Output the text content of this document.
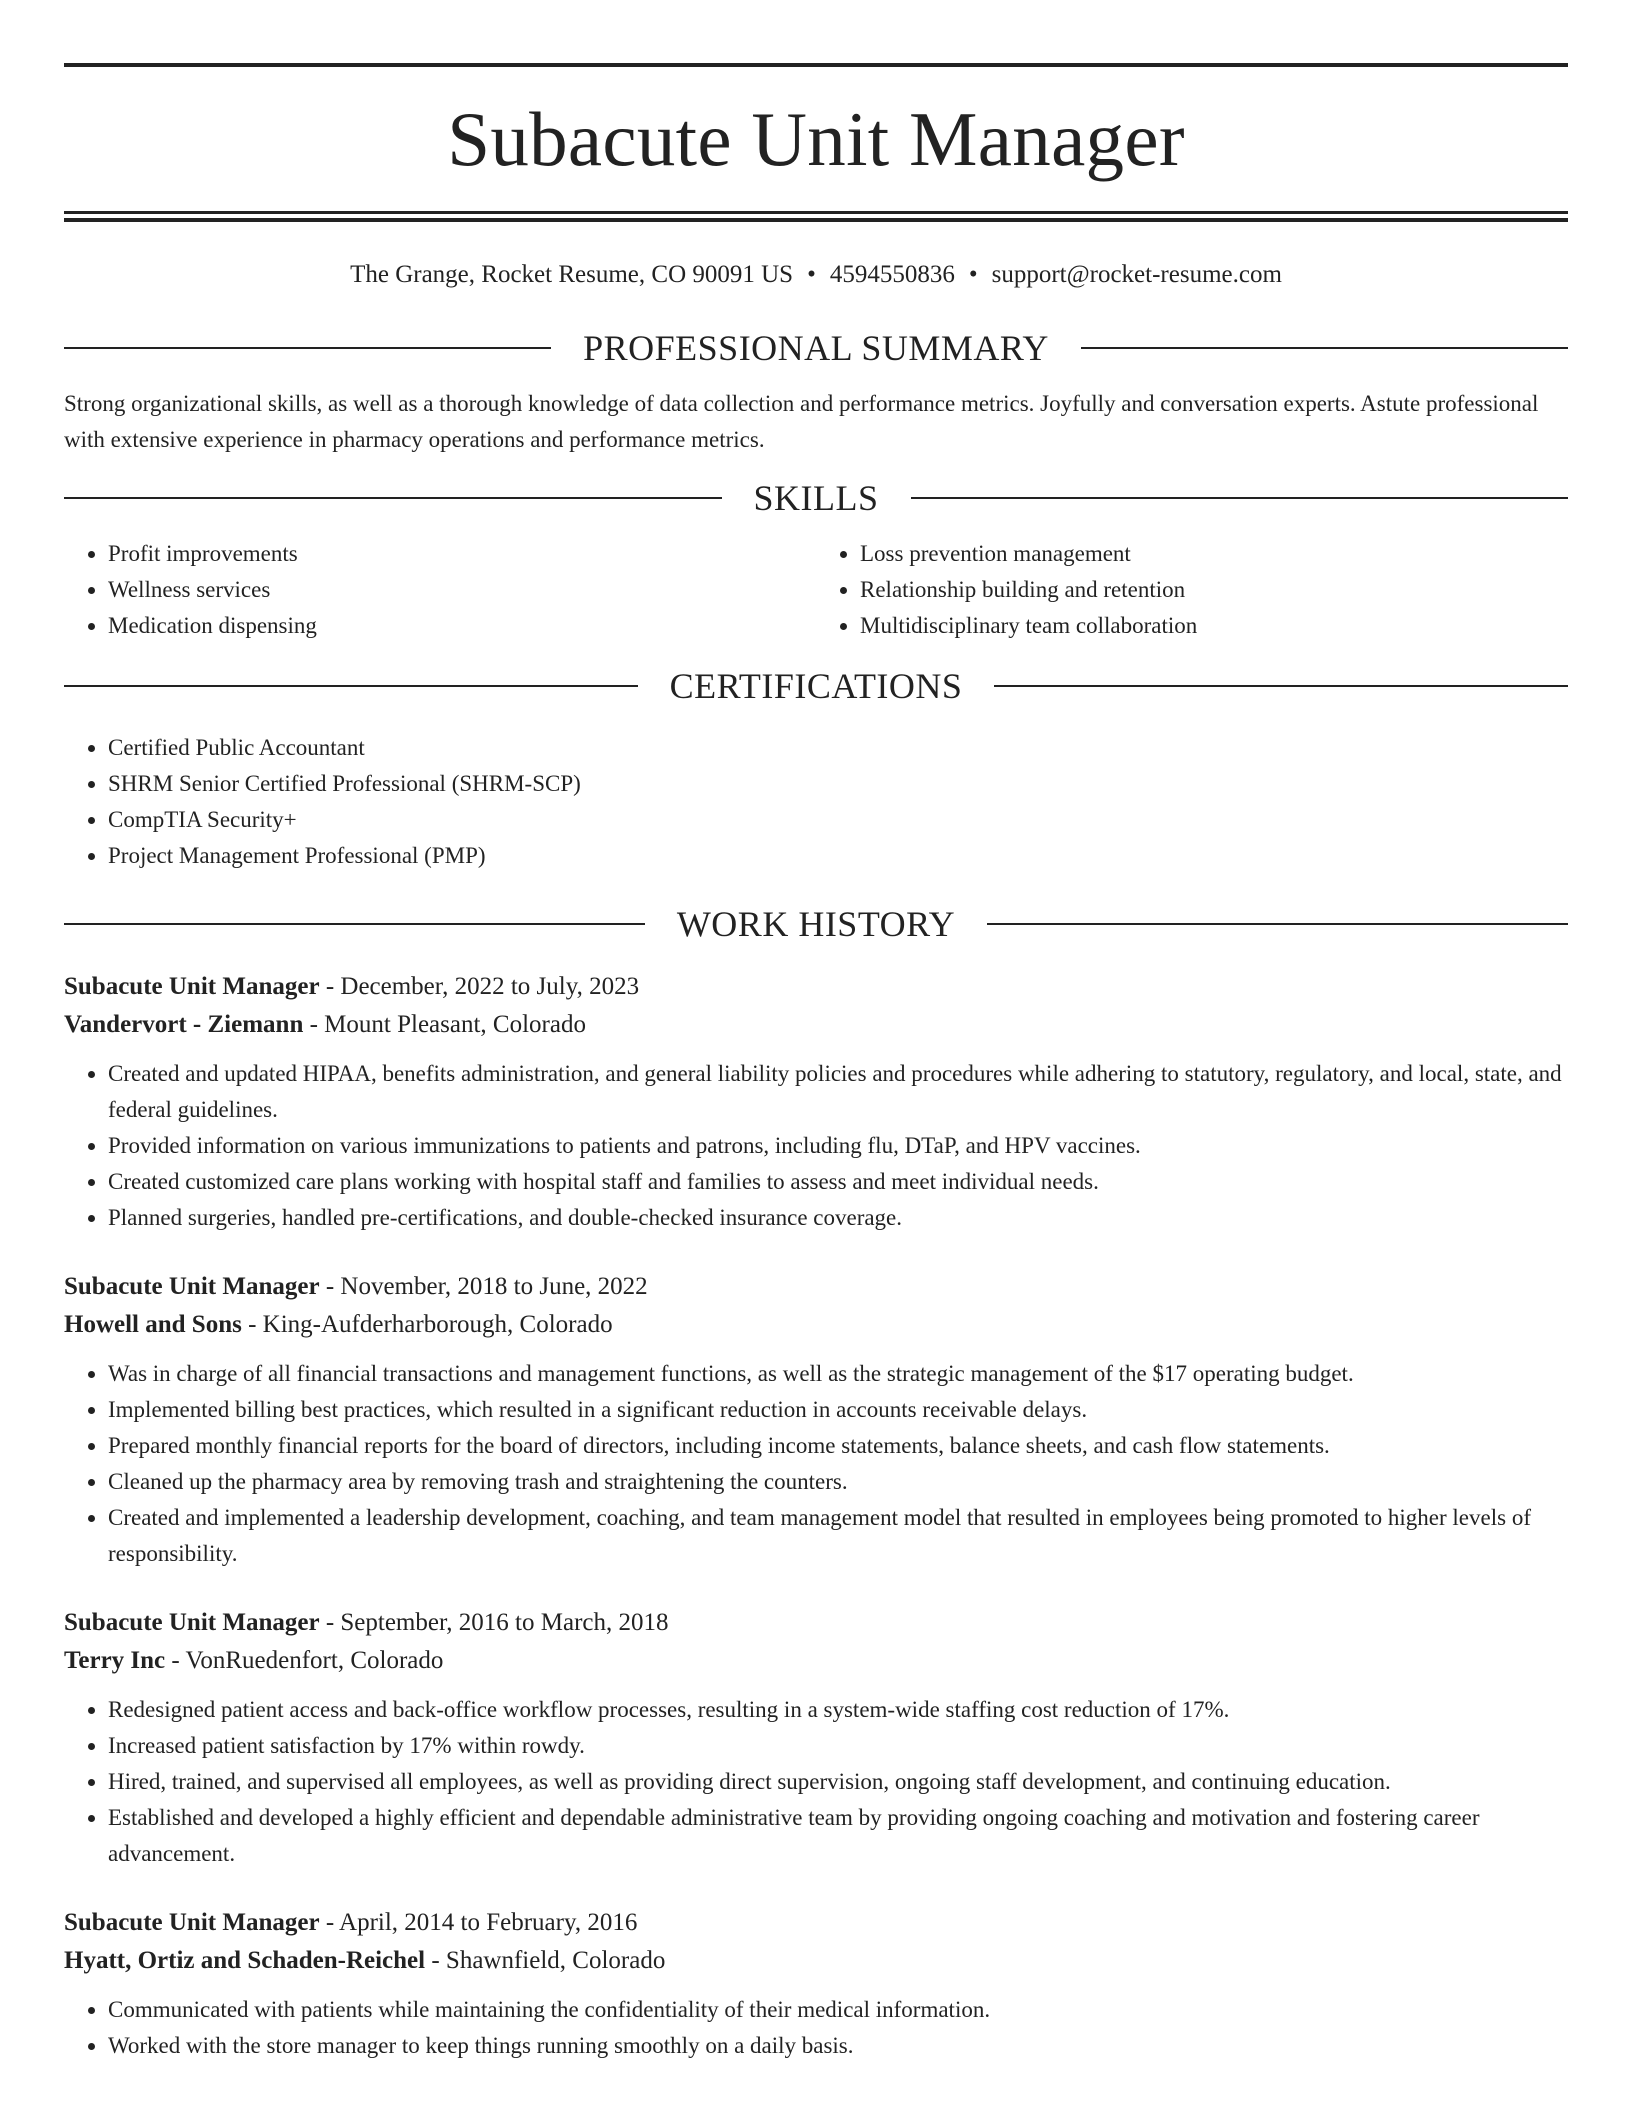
Subacute Unit Manager
The Grange, Rocket Resume, CO 90091 US • 4594550836 • support@rocket-resume.com
PROFESSIONAL SUMMARY
Strong organizational skills, as well as a thorough knowledge of data collection and performance metrics. Joyfully and conversation experts. Astute professional with extensive experience in pharmacy operations and performance metrics.
SKILLS
• Profit improvements
• Wellness services
• Medication dispensing
• Loss prevention management
• Relationship building and retention
• Multidisciplinary team collaboration
CERTIFICATIONS
• Certified Public Accountant
• SHRM Senior Certified Professional (SHRM-SCP)
• CompTIA Security+
• Project Management Professional (PMP)
WORK HISTORY
Subacute Unit Manager - December, 2022 to July, 2023
Vandervort - Ziemann - Mount Pleasant, Colorado
• Created and updated HIPAA, benefits administration, and general liability policies and procedures while adhering to statutory, regulatory, and local, state, and federal guidelines.
• Provided information on various immunizations to patients and patrons, including flu, DTaP, and HPV vaccines.
• Created customized care plans working with hospital staff and families to assess and meet individual needs.
• Planned surgeries, handled pre-certifications, and double-checked insurance coverage.
Subacute Unit Manager - November, 2018 to June, 2022
Howell and Sons - King-Aufderharborough, Colorado
• Was in charge of all financial transactions and management functions, as well as the strategic management of the $17 operating budget.
• Implemented billing best practices, which resulted in a significant reduction in accounts receivable delays.
• Prepared monthly financial reports for the board of directors, including income statements, balance sheets, and cash flow statements.
• Cleaned up the pharmacy area by removing trash and straightening the counters.
• Created and implemented a leadership development, coaching, and team management model that resulted in employees being promoted to higher levels of responsibility.
Subacute Unit Manager - September, 2016 to March, 2018
Terry Inc - VonRuedenfort, Colorado
• Redesigned patient access and back-office workflow processes, resulting in a system-wide staffing cost reduction of 17%.
• Increased patient satisfaction by 17% within rowdy.
• Hired, trained, and supervised all employees, as well as providing direct supervision, ongoing staff development, and continuing education.
• Established and developed a highly efficient and dependable administrative team by providing ongoing coaching and motivation and fostering career advancement.
Subacute Unit Manager - April, 2014 to February, 2016
Hyatt, Ortiz and Schaden-Reichel - Shawnfield, Colorado
• Communicated with patients while maintaining the confidentiality of their medical information.
• Worked with the store manager to keep things running smoothly on a daily basis.
